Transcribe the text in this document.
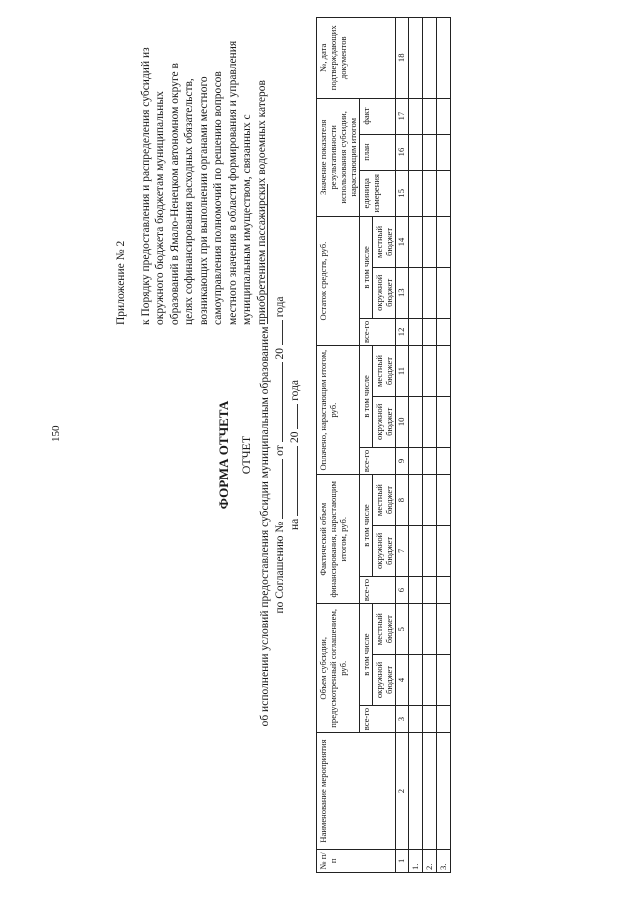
150
Приложение № 2 к Порядку предоставления и распределения субсидий из окружного бюджета бюджетам муниципальных образований в Ямало-Ненецком автономном округе в целях софинансирования расходных обязательств, возникающих при выполнении органами местного самоуправления полномочий по решению вопросов местного значения в области формирования и управления муниципальным имуществом, связанных с приобретением пассажирских водоемных катеров

ФОРМА ОТЧЕТА ОТЧЕТ об исполнении условий предоставления субсидии муниципальным образованием по Соглашению №  от  20  года
на  20  года
№ п/п	Наименование мероприятия	Объем субсидии, предусмотренный соглашением, руб.			Фактический объем финансирования, нарастающим итогом, руб.			Оплачено, нарастающим итогом, руб.			Остаток средств, руб.			Значение показателя результативности использования субсидии, нарастающим итогом			№, дата подтверждающих документов
		все-го	в том числе		все-го	в том числе		все-го	в том числе		все-го	в том числе		единица измерения	план	факт	
			окружной бюджет	местный бюджет		окружной бюджет	местный бюджет		окружной бюджет	местный бюджет		окружной бюджет	местный бюджет				
1	2	3	4	5	6	7	8	9	10	11	12	13	14	15	16	17	18
1.																	
2.																	
3.																	
